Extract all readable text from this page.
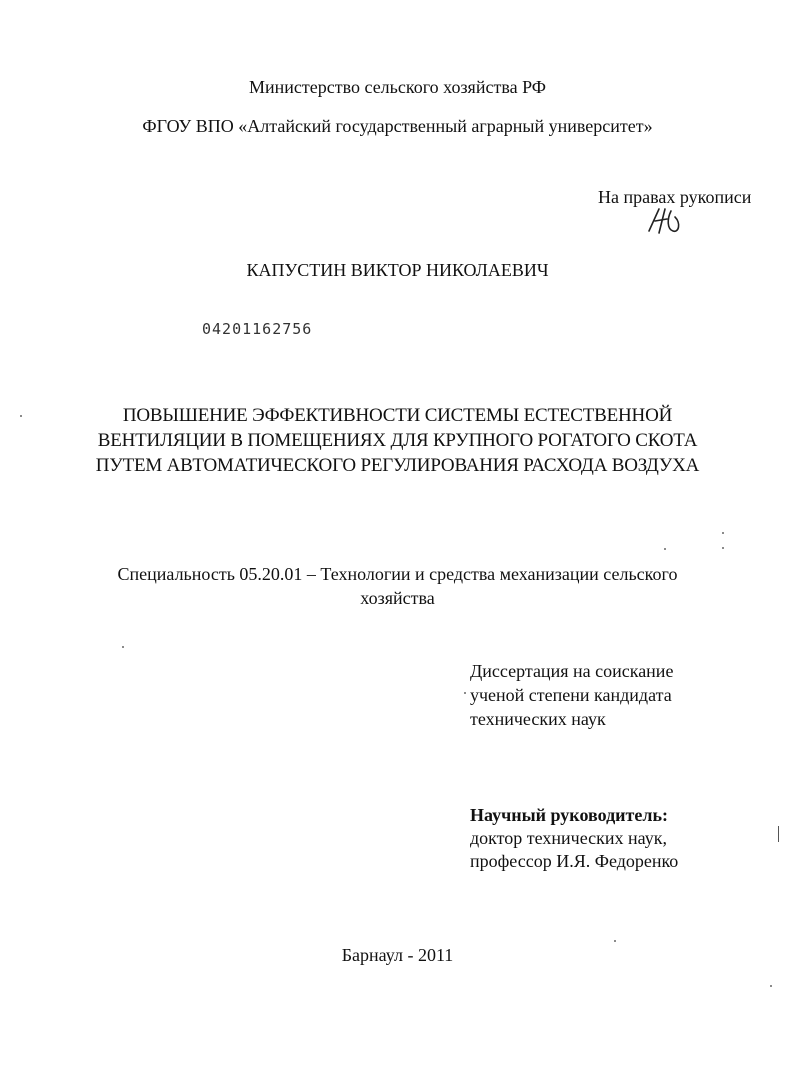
Министерство сельского хозяйства РФ
ФГОУ ВПО «Алтайский государственный аграрный университет»
На правах рукописи
КАПУСТИН ВИКТОР НИКОЛАЕВИЧ
04201162756
ПОВЫШЕНИЕ ЭФФЕКТИВНОСТИ СИСТЕМЫ ЕСТЕСТВЕННОЙ
ВЕНТИЛЯЦИИ В ПОМЕЩЕНИЯХ ДЛЯ КРУПНОГО РОГАТОГО СКОТА
ПУТЕМ АВТОМАТИЧЕСКОГО РЕГУЛИРОВАНИЯ РАСХОДА ВОЗДУХА
Специальность 05.20.01 – Технологии и средства механизации сельского
хозяйства
Диссертация на соискание
ученой степени кандидата
технических наук
Научный руководитель:
доктор технических наук,
профессор И.Я. Федоренко
Барнаул - 2011
